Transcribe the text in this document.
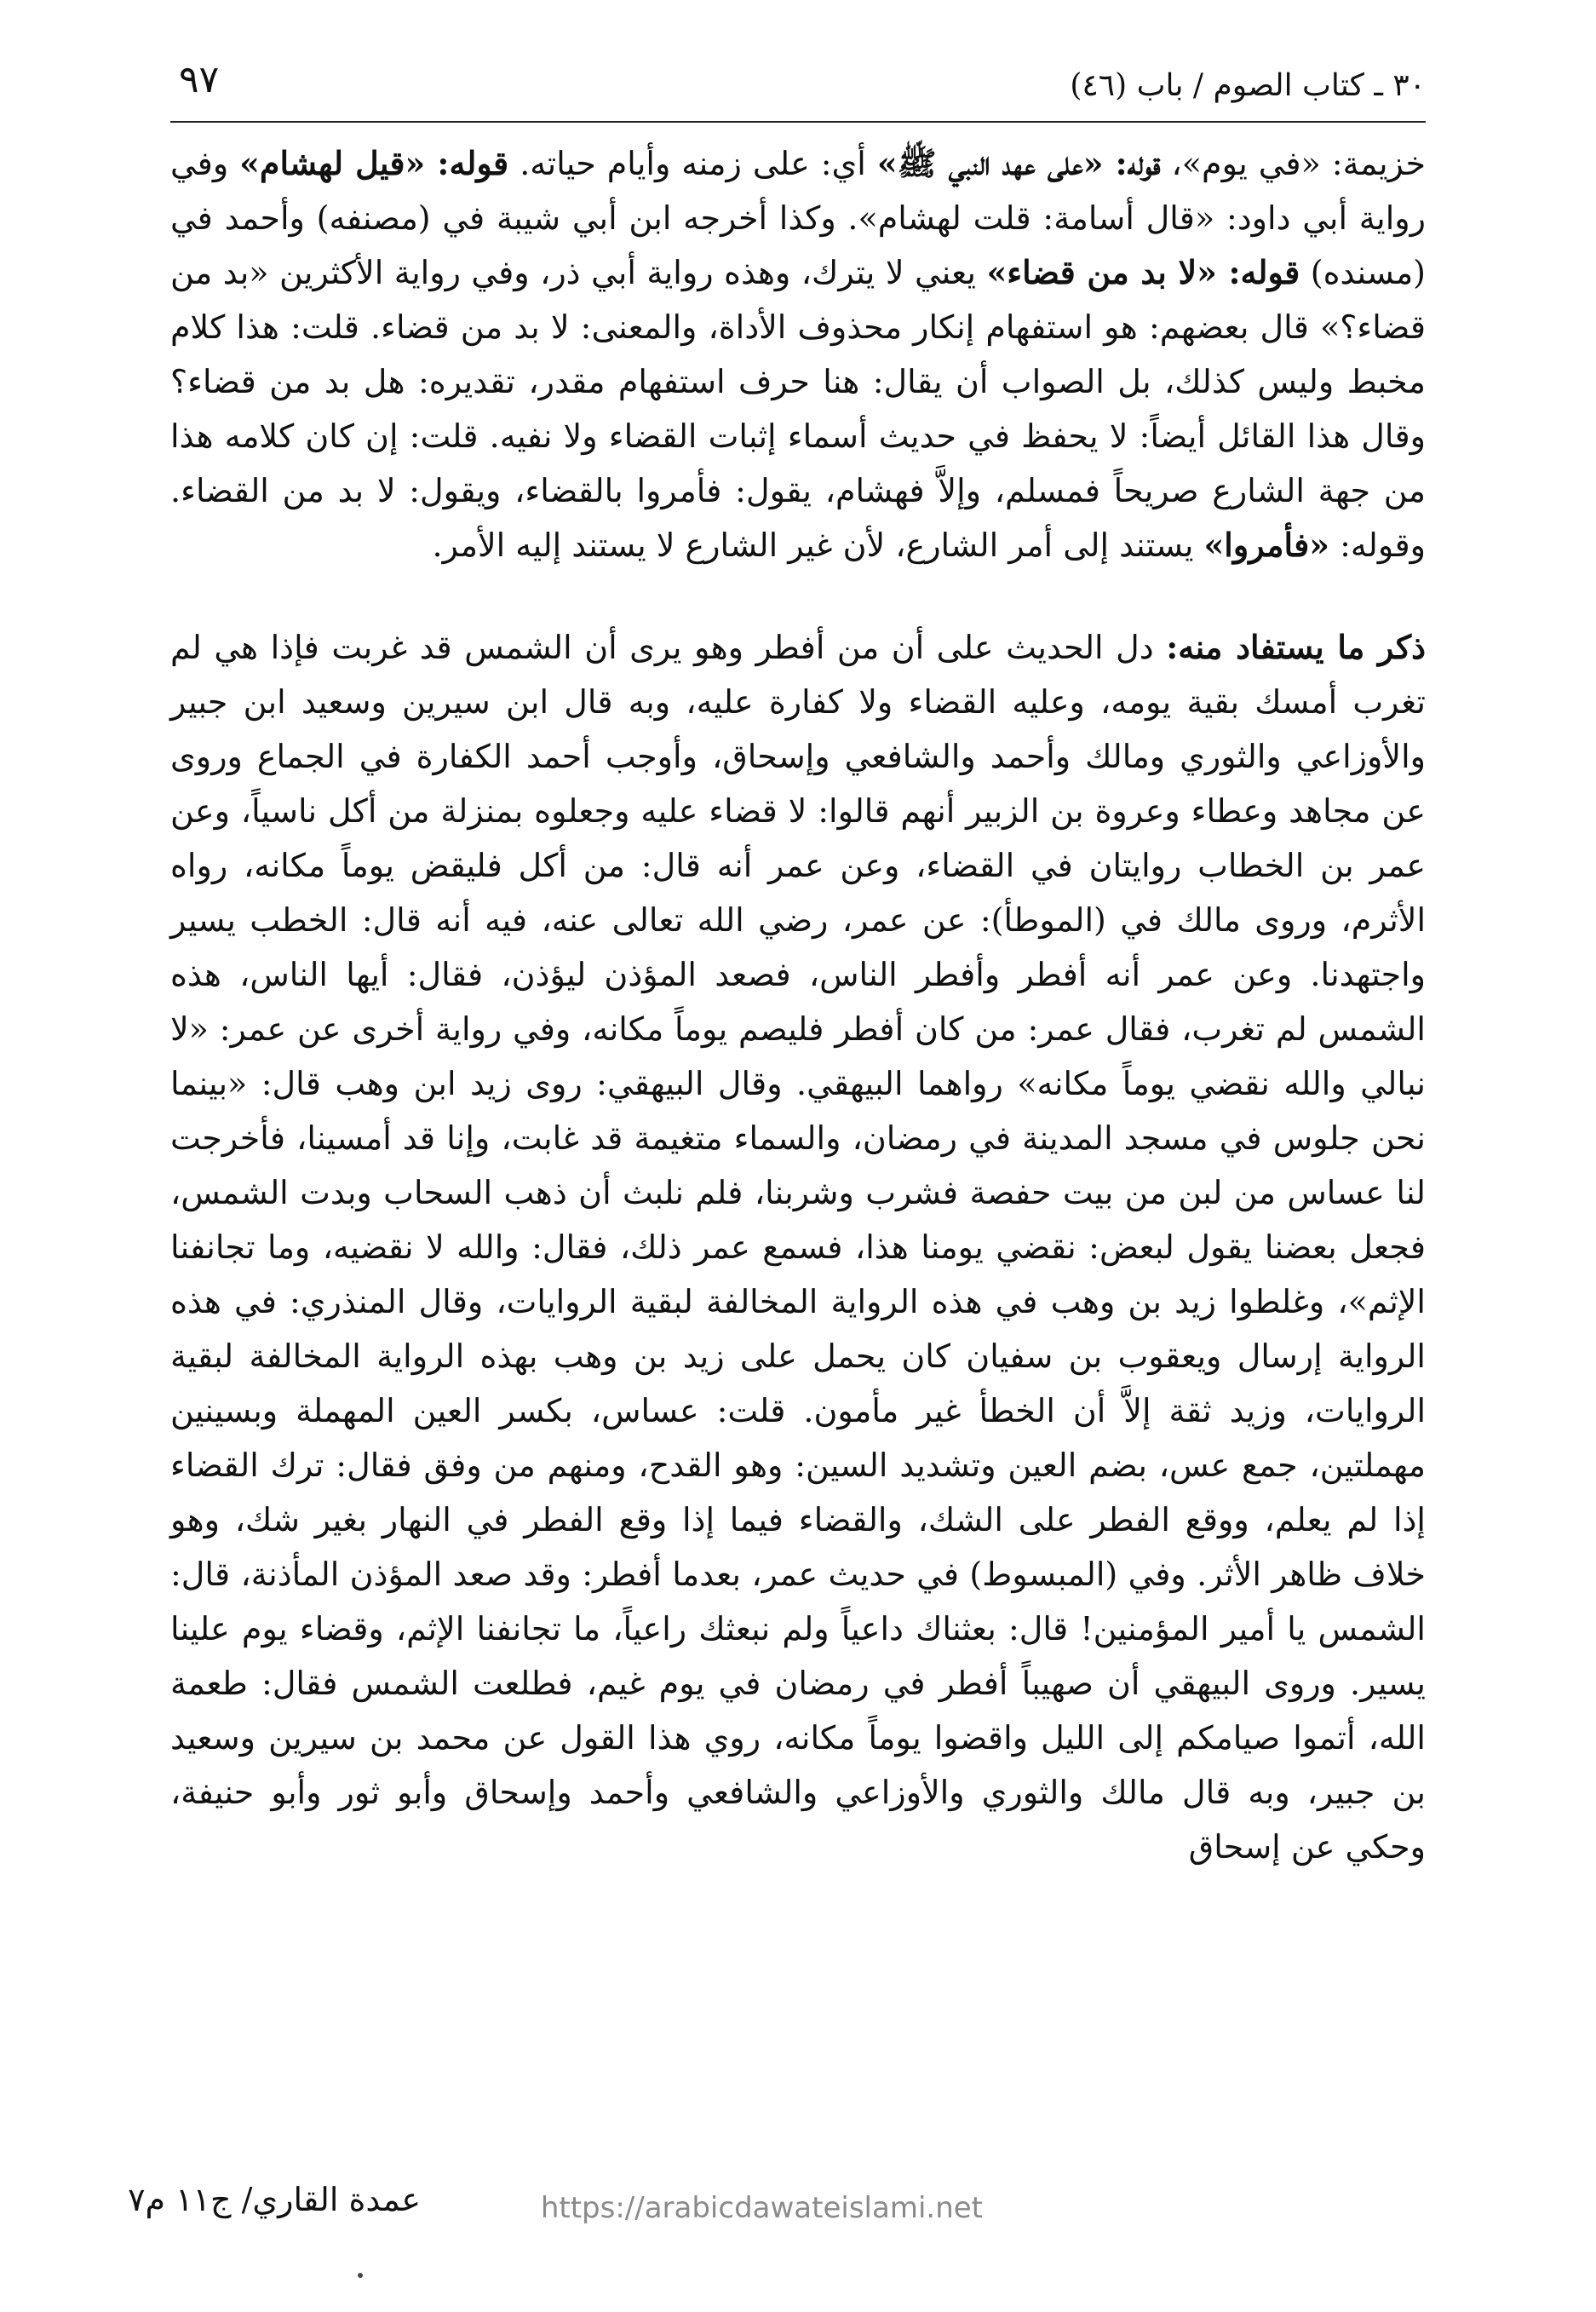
٣٠ ـ كتاب الصوم / باب (٤٦)
٩٧

خزيمة: «في يوم»، قوله: «على عهد النبي ﷺ» أي: على زمنه وأيام حياته. قوله: «قيل لهشام» وفي رواية أبي داود: «قال أسامة: قلت لهشام». وكذا أخرجه ابن أبي شيبة في (مصنفه) وأحمد في (مسنده) قوله: «لا بد من قضاء» يعني لا يترك، وهذه رواية أبي ذر، وفي رواية الأكثرين «بد من قضاء؟» قال بعضهم: هو استفهام إنكار محذوف الأداة، والمعنى: لا بد من قضاء. قلت: هذا كلام مخبط وليس كذلك، بل الصواب أن يقال: هنا حرف استفهام مقدر، تقديره: هل بد من قضاء؟ وقال هذا القائل أيضاً: لا يحفظ في حديث أسماء إثبات القضاء ولا نفيه. قلت: إن كان كلامه هذا من جهة الشارع صريحاً فمسلم، وإلاَّ فهشام، يقول: فأمروا بالقضاء، ويقول: لا بد من القضاء. وقوله: «فأمروا» يستند إلى أمر الشارع، لأن غير الشارع لا يستند إليه الأمر.

ذكر ما يستفاد منه: دل الحديث على أن من أفطر وهو يرى أن الشمس قد غربت فإذا هي لم تغرب أمسك بقية يومه، وعليه القضاء ولا كفارة عليه، وبه قال ابن سيرين وسعيد ابن جبير والأوزاعي والثوري ومالك وأحمد والشافعي وإسحاق، وأوجب أحمد الكفارة في الجماع وروى عن مجاهد وعطاء وعروة بن الزبير أنهم قالوا: لا قضاء عليه وجعلوه بمنزلة من أكل ناسياً، وعن عمر بن الخطاب روايتان في القضاء، وعن عمر أنه قال: من أكل فليقض يوماً مكانه، رواه الأثرم، وروى مالك في (الموطأ): عن عمر، رضي الله تعالى عنه، فيه أنه قال: الخطب يسير واجتهدنا. وعن عمر أنه أفطر وأفطر الناس، فصعد المؤذن ليؤذن، فقال: أيها الناس، هذه الشمس لم تغرب، فقال عمر: من كان أفطر فليصم يوماً مكانه، وفي رواية أخرى عن عمر: «لا نبالي والله نقضي يوماً مكانه» رواهما البيهقي. وقال البيهقي: روى زيد ابن وهب قال: «بينما نحن جلوس في مسجد المدينة في رمضان، والسماء متغيمة قد غابت، وإنا قد أمسينا، فأخرجت لنا عساس من لبن من بيت حفصة فشرب وشربنا، فلم نلبث أن ذهب السحاب وبدت الشمس، فجعل بعضنا يقول لبعض: نقضي يومنا هذا، فسمع عمر ذلك، فقال: والله لا نقضيه، وما تجانفنا الإثم»، وغلطوا زيد بن وهب في هذه الرواية المخالفة لبقية الروايات، وقال المنذري: في هذه الرواية إرسال ويعقوب بن سفيان كان يحمل على زيد بن وهب بهذه الرواية المخالفة لبقية الروايات، وزيد ثقة إلاَّ أن الخطأ غير مأمون. قلت: عساس، بكسر العين المهملة وبسينين مهملتين، جمع عس، بضم العين وتشديد السين: وهو القدح، ومنهم من وفق فقال: ترك القضاء إذا لم يعلم، ووقع الفطر على الشك، والقضاء فيما إذا وقع الفطر في النهار بغير شك، وهو خلاف ظاهر الأثر. وفي (المبسوط) في حديث عمر، بعدما أفطر: وقد صعد المؤذن المأذنة، قال: الشمس يا أمير المؤمنين! قال: بعثناك داعياً ولم نبعثك راعياً، ما تجانفنا الإثم، وقضاء يوم علينا يسير. وروى البيهقي أن صهيباً أفطر في رمضان في يوم غيم، فطلعت الشمس فقال: طعمة الله، أتموا صيامكم إلى الليل واقضوا يوماً مكانه، روي هذا القول عن محمد بن سيرين وسعيد بن جبير، وبه قال مالك والثوري والأوزاعي والشافعي وأحمد وإسحاق وأبو ثور وأبو حنيفة، وحكي عن إسحاق

عمدة القاري/ ج١١ م٧	https://arabicdawateislami.net
